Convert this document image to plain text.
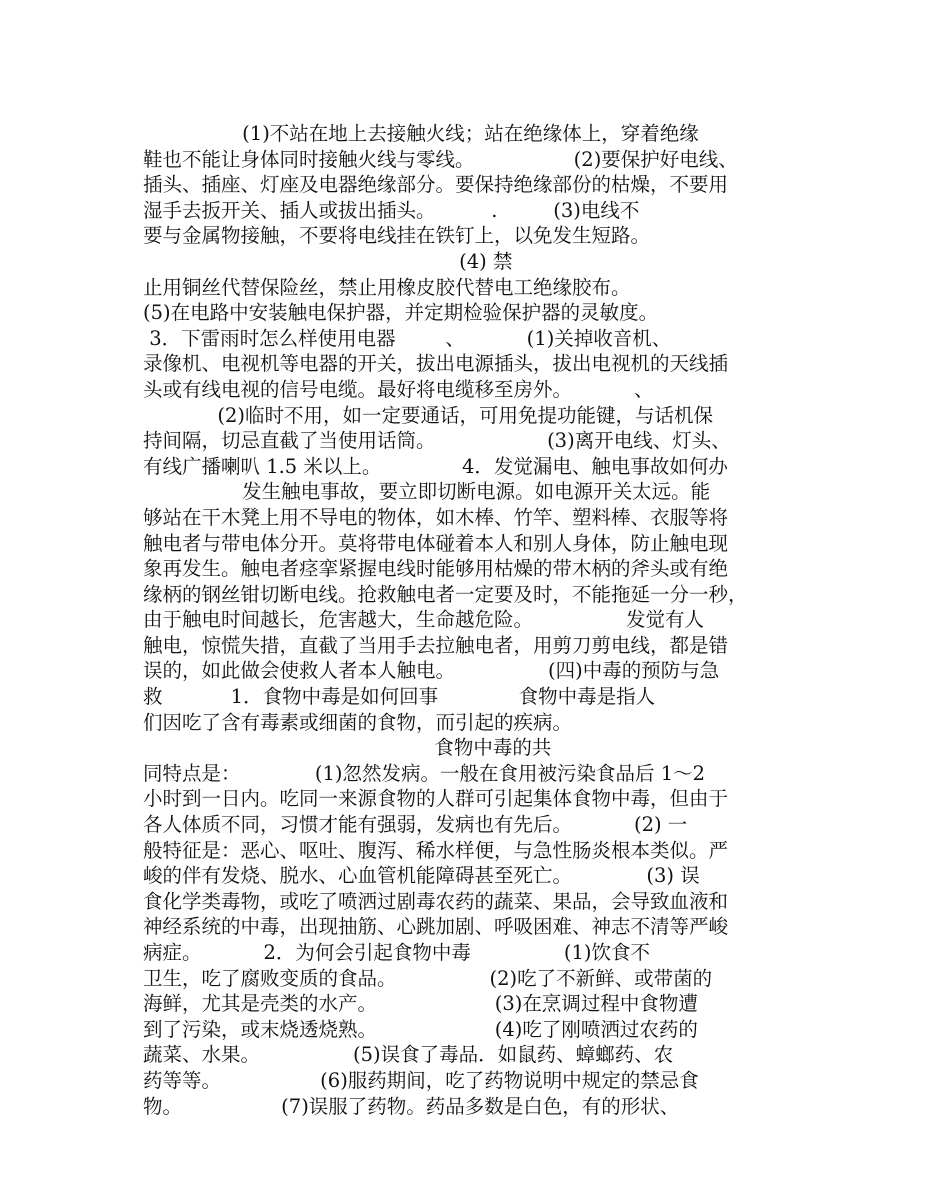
(1)不站在地上去接触火线；站在绝缘体上，穿着绝缘
鞋也不能让身体同时接触火线与零线。                (2)要保护好电线、
插头、插座、灯座及电器绝缘部分。要保持绝缘部份的枯燥，不要用
湿手去扳开关、插人或拔出插头。         .         (3)电线不
要与金属物接触，不要将电线挂在铁钉上，以免发生短路。
(4) 禁
止用铜丝代替保险丝，禁止用橡皮胶代替电工绝缘胶布。
(5)在电路中安装触电保护器，并定期检验保护器的灵敏度。
3．下雷雨时怎么样使用电器        、          (1)关掉收音机、
录像机、电视机等电器的开关，拔出电源插头，拔出电视机的天线插
头或有线电视的信号电缆。最好将电缆移至房外。          、
(2)临时不用，如一定要通话，可用免提功能键，与话机保
持间隔，切忌直截了当使用话筒。                  (3)离开电线、灯头、
有线广播喇叭 1.5 米以上。             4．发觉漏电、触电事故如何办
发生触电事故，要立即切断电源。如电源开关太远。能
够站在干木凳上用不导电的物体，如木棒、竹竿、塑料棒、衣服等将
触电者与带电体分开。莫将带电体碰着本人和别人身体，防止触电现
象再发生。触电者痉挛紧握电线时能够用枯燥的带木柄的斧头或有绝
缘柄的钢丝钳切断电线。抢救触电者一定要及时，不能拖延一分一秒，
由于触电时间越长，危害越大，生命越危险。               发觉有人
触电，惊慌失措，直截了当用手去拉触电者，用剪刀剪电线，都是错
误的，如此做会使救人者本人触电。               (四)中毒的预防与急
救           1．食物中毒是如何回事             食物中毒是指人
们因吃了含有毒素或细菌的食物，而引起的疾病。
食物中毒的共
同特点是：            (1)忽然发病。一般在食用被污染食品后 1～2
小时到一日内。吃同一来源食物的人群可引起集体食物中毒，但由于
各人体质不同，习惯才能有强弱，发病也有先后。          (2) 一
般特征是：恶心、呕吐、腹泻、稀水样便，与急性肠炎根本类似。严
峻的伴有发烧、脱水、心血管机能障碍甚至死亡。            (3) 误
食化学类毒物，或吃了喷洒过剧毒农药的蔬菜、果品，会导致血液和
神经系统的中毒，出现抽筋、心跳加剧、呼吸困难、神志不清等严峻
病症。          2．为何会引起食物中毒               (1)饮食不
卫生，吃了腐败变质的食品。               (2)吃了不新鲜、或带菌的
海鲜，尤其是壳类的水产。                   (3)在烹调过程中食物遭
到了污染，或末烧透烧熟。                   (4)吃了刚喷洒过农药的
蔬菜、水果。               (5)误食了毒品．如鼠药、蟑螂药、农
药等等。                (6)服药期间，吃了药物说明中规定的禁忌食
物。                (7)误服了药物。药品多数是白色，有的形状、
